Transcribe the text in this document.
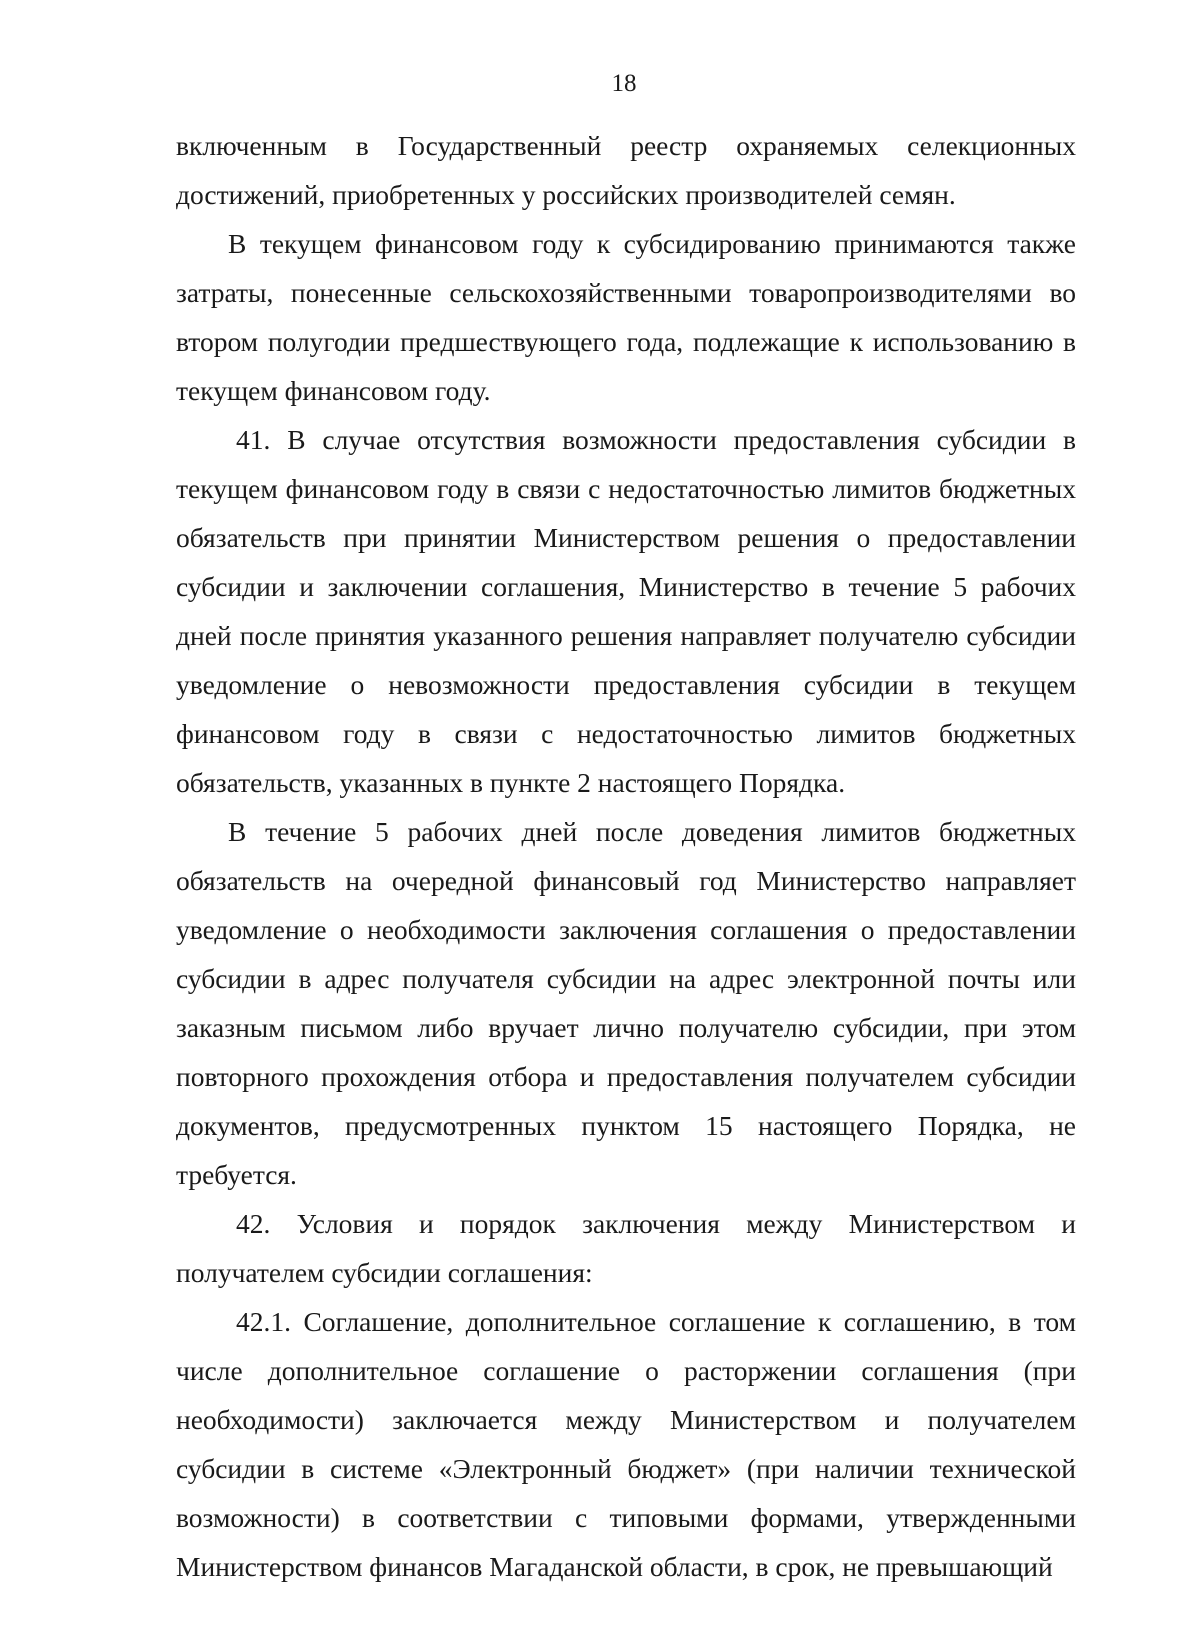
18

включенным в Государственный реестр охраняемых селекционных достижений, приобретенных у российских производителей семян.

В текущем финансовом году к субсидированию принимаются также затраты, понесенные сельскохозяйственными товаропроизводителями во втором полугодии предшествующего года, подлежащие к использованию в текущем финансовом году.

41. В случае отсутствия возможности предоставления субсидии в текущем финансовом году в связи с недостаточностью лимитов бюджетных обязательств при принятии Министерством решения о предоставлении субсидии и заключении соглашения, Министерство в течение 5 рабочих дней после принятия указанного решения направляет получателю субсидии уведомление о невозможности предоставления субсидии в текущем финансовом году в связи с недостаточностью лимитов бюджетных обязательств, указанных в пункте 2 настоящего Порядка.

В течение 5 рабочих дней после доведения лимитов бюджетных обязательств на очередной финансовый год Министерство направляет уведомление о необходимости заключения соглашения о предоставлении субсидии в адрес получателя субсидии на адрес электронной почты или заказным письмом либо вручает лично получателю субсидии, при этом повторного прохождения отбора и предоставления получателем субсидии документов, предусмотренных пунктом 15 настоящего Порядка, не требуется.

42. Условия и порядок заключения между Министерством и получателем субсидии соглашения:

42.1. Соглашение, дополнительное соглашение к соглашению, в том числе дополнительное соглашение о расторжении соглашения (при необходимости) заключается между Министерством и получателем субсидии в системе «Электронный бюджет» (при наличии технической возможности) в соответствии с типовыми формами, утвержденными Министерством финансов Магаданской области, в срок, не превышающий
